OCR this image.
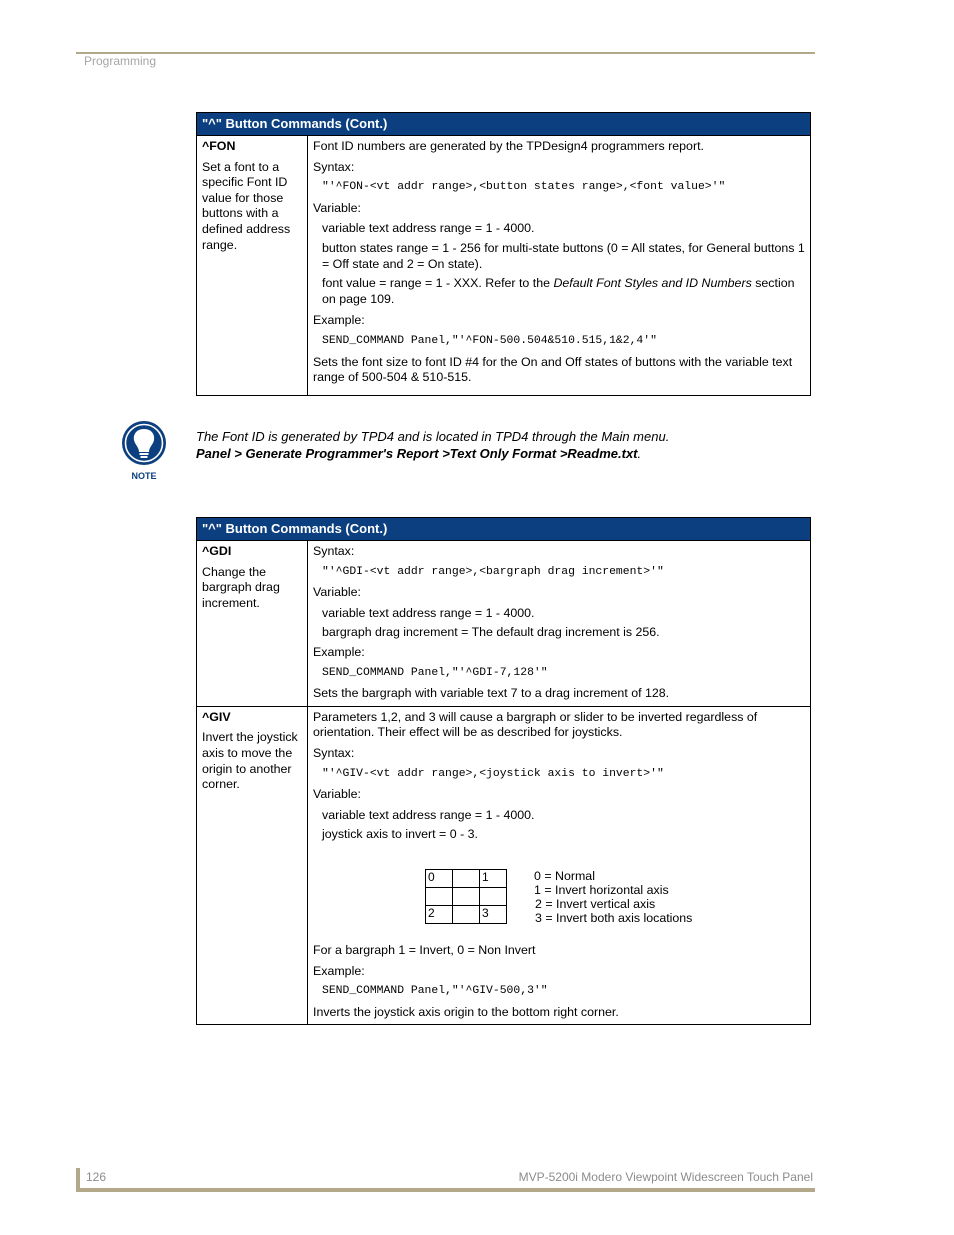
Programming
"^" Button Commands (Cont.)

^FON
Set a font to a specific Font ID value for those buttons with a defined address range.

Font ID numbers are generated by the TPDesign4 programmers report.
Syntax:
"'^FON-<vt addr range>,<button states range>,<font value>'"
Variable:
variable text address range = 1 - 4000.
button states range = 1 - 256 for multi-state buttons (0 = All states, for General buttons 1 = Off state and 2 = On state).
font value = range = 1 - XXX. Refer to the Default Font Styles and ID Numbers section on page 109.
Example:
SEND_COMMAND Panel,"'^FON-500.504&510.515,1&2,4'"
Sets the font size to font ID #4 for the On and Off states of buttons with the variable text range of 500-504 & 510-515.
NOTE
The Font ID is generated by TPD4 and is located in TPD4 through the Main menu.
Panel > Generate Programmer's Report >Text Only Format >Readme.txt.
"^" Button Commands (Cont.)

^GDI
Change the bargraph drag increment.

Syntax:
"'^GDI-<vt addr range>,<bargraph drag increment>'"
Variable:
variable text address range = 1 - 4000.
bargraph drag increment = The default drag increment is 256.
Example:
SEND_COMMAND Panel,"'^GDI-7,128'"
Sets the bargraph with variable text 7 to a drag increment of 128.

^GIV
Invert the joystick axis to move the origin to another corner.

Parameters 1,2, and 3 will cause a bargraph or slider to be inverted regardless of orientation. Their effect will be as described for joysticks.
Syntax:
"'^GIV-<vt addr range>,<joystick axis to invert>'"
Variable:
variable text address range = 1 - 4000.
joystick axis to invert = 0 - 3.
0		1

2		3
0 = Normal
1 = Invert horizontal axis
2 = Invert vertical axis
3 = Invert both axis locations
For a bargraph 1 = Invert, 0 = Non Invert
Example:
SEND_COMMAND Panel,"'^GIV-500,3'"
Inverts the joystick axis origin to the bottom right corner.
126	MVP-5200i Modero Viewpoint Widescreen Touch Panel
